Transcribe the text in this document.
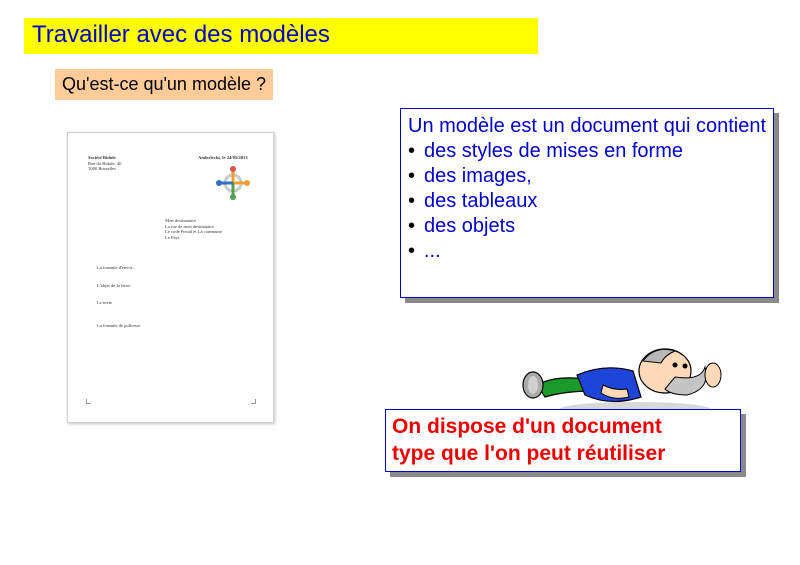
Travailler avec des modèles
Qu'est-ce qu'un modèle ?
Société Bidule
Rue du Bidule, 40
1000 Bruxelles
Anderlecht, le 24/05/2013
Mon destinataire
La rue de mon destinataire
Le code Postal et La commune
Le Pays
La formule d'envoi...
L'objet de la lettre
Le texte
La formule de politesse
Un modèle est un document qui contient
• des styles de mises en forme
• des images,
• des tableaux
• des objets
• ...
On dispose d'un document
type que l'on peut réutiliser
